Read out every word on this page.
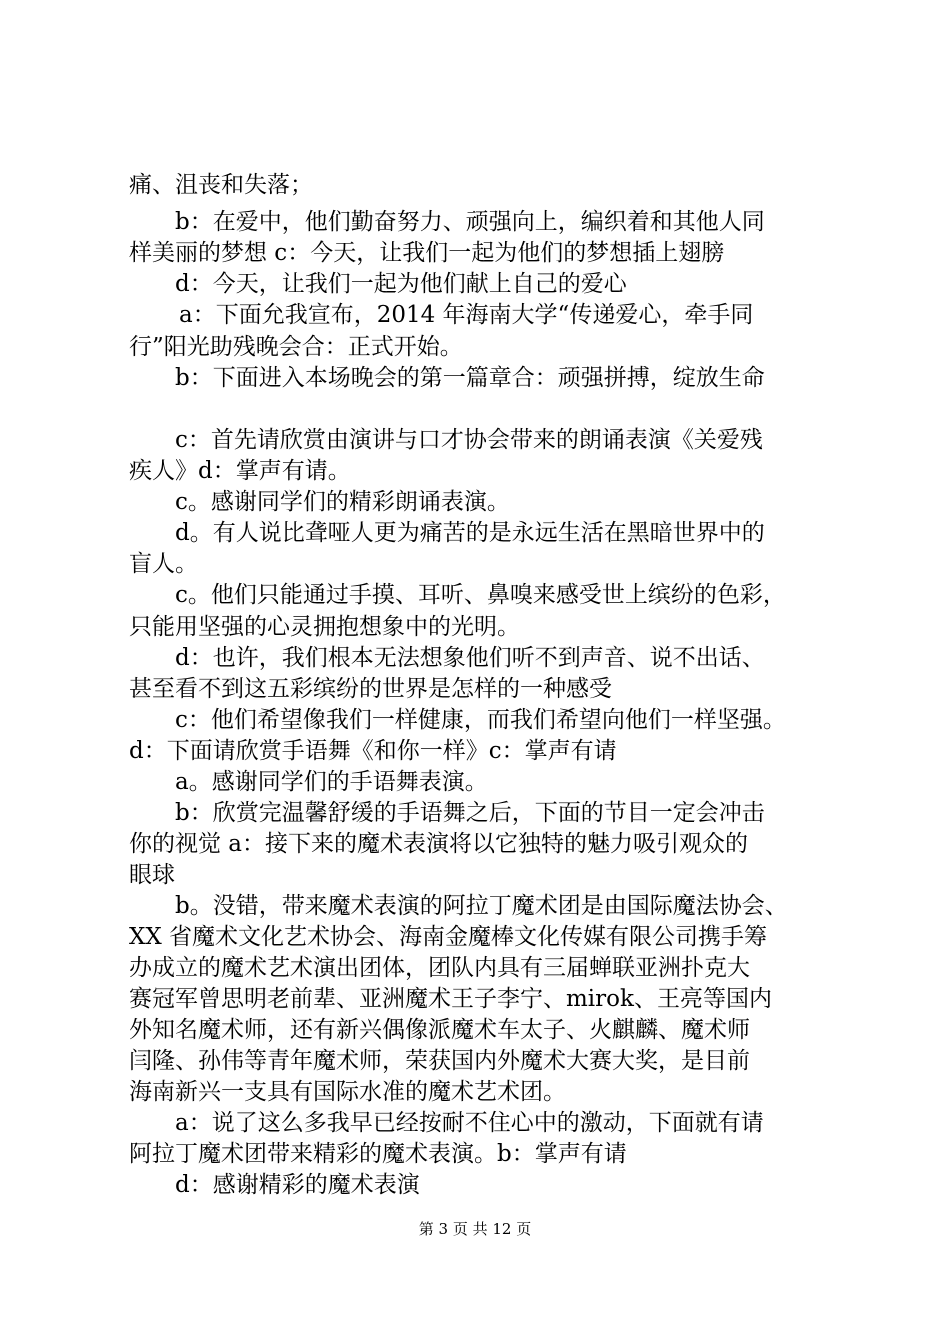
痛、沮丧和失落；
b：在爱中，他们勤奋努力、顽强向上，编织着和其他人同
样美丽的梦想 c：今天，让我们一起为他们的梦想插上翅膀
d：今天，让我们一起为他们献上自己的爱心
a：下面允我宣布，2014 年海南大学“传递爱心，牵手同
行”阳光助残晚会合：正式开始。
b：下面进入本场晚会的第一篇章合：顽强拼搏，绽放生命
c：首先请欣赏由演讲与口才协会带来的朗诵表演《关爱残
疾人》d：掌声有请。
c。感谢同学们的精彩朗诵表演。
d。有人说比聋哑人更为痛苦的是永远生活在黑暗世界中的
盲人。
c。他们只能通过手摸、耳听、鼻嗅来感受世上缤纷的色彩，
只能用坚强的心灵拥抱想象中的光明。
d：也许，我们根本无法想象他们听不到声音、说不出话、
甚至看不到这五彩缤纷的世界是怎样的一种感受
c：他们希望像我们一样健康，而我们希望向他们一样坚强。
d：下面请欣赏手语舞《和你一样》c：掌声有请
a。感谢同学们的手语舞表演。
b：欣赏完温馨舒缓的手语舞之后，下面的节目一定会冲击
你的视觉 a：接下来的魔术表演将以它独特的魅力吸引观众的
眼球
b。没错，带来魔术表演的阿拉丁魔术团是由国际魔法协会、
XX 省魔术文化艺术协会、海南金魔棒文化传媒有限公司携手筹
办成立的魔术艺术演出团体，团队内具有三届蝉联亚洲扑克大
赛冠军曾思明老前辈、亚洲魔术王子李宁、mirok、王亮等国内
外知名魔术师，还有新兴偶像派魔术车太子、火麒麟、魔术师
闫隆、孙伟等青年魔术师，荣获国内外魔术大赛大奖，是目前
海南新兴一支具有国际水准的魔术艺术团。
a：说了这么多我早已经按耐不住心中的激动，下面就有请
阿拉丁魔术团带来精彩的魔术表演。b：掌声有请
d：感谢精彩的魔术表演
第 3 页 共 12 页
